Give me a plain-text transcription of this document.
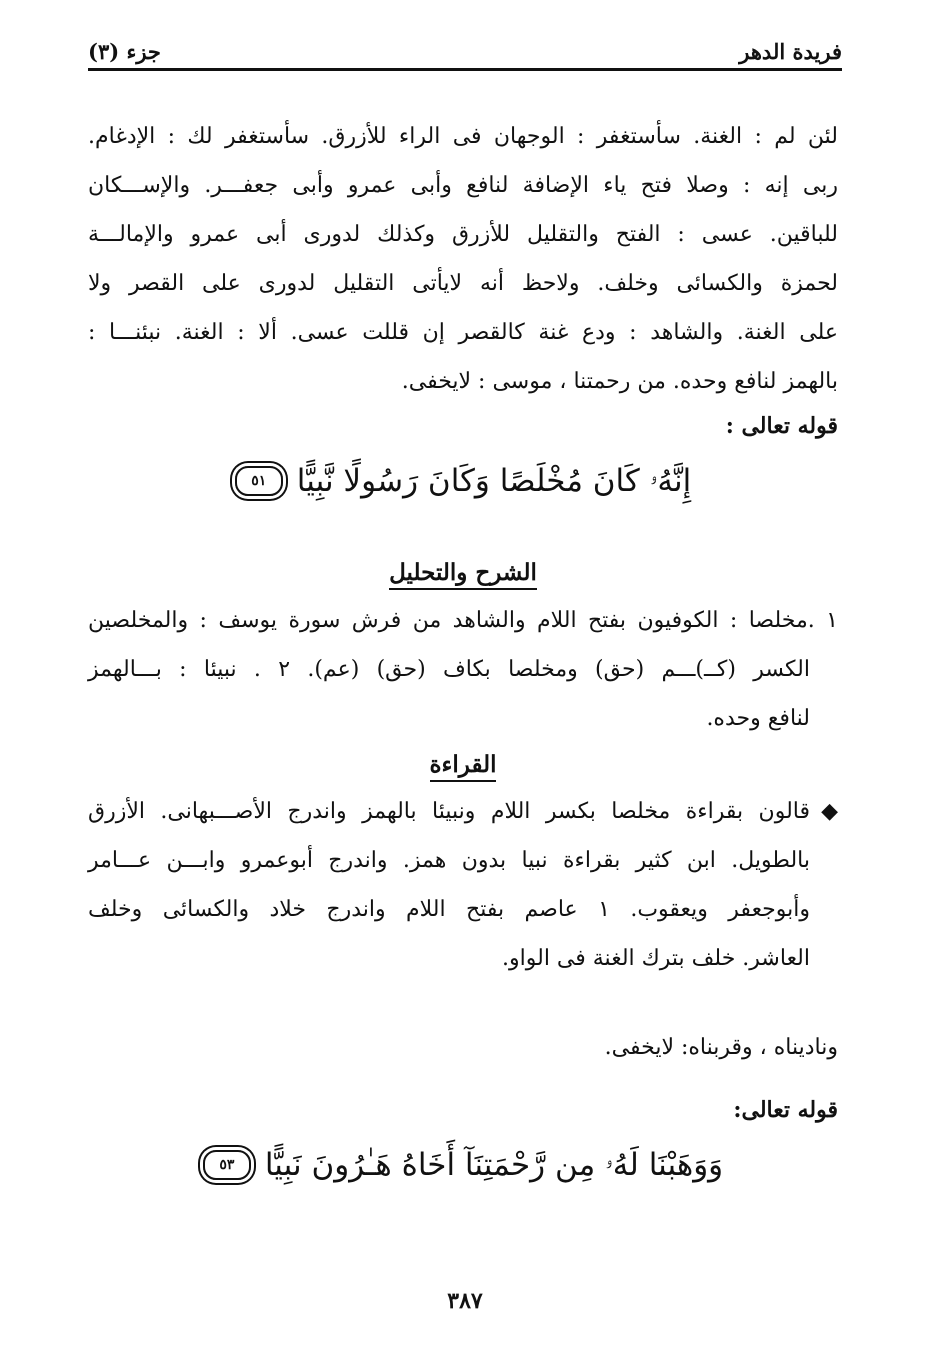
فريدة الدهر
جزء (٣)
لئن لم : الغنة. سأستغفر : الوجهان فى الراء للأزرق. سأستغفر لك : الإدغام.
ربى إنه : وصلا فتح ياء الإضافة لنافع وأبى عمرو وأبى جعفـــر. والإســـكان
للباقين. عسى : الفتح والتقليل للأزرق وكذلك لدورى أبى عمرو والإمالـــة
لحمزة والكسائى وخلف. ولاحظ أنه لايأتى التقليل لدورى على القصر ولا
على الغنة. والشاهد : ودع غنة كالقصر إن قللت عسى. ألا : الغنة. نبئنـــا :
بالهمز لنافع وحده. من رحمتنا ، موسى : لايخفى.
قوله تعالى :
إِنَّهُۥ كَانَ مُخْلَصًا وَكَانَ رَسُولًا نَّبِيًّا
٥١
الشرح والتحليل
١ .مخلصا : الكوفيون بفتح اللام والشاهد من فرش سورة يوسف : والمخلصين
الكسر (كــ)ـــم (حق) ومخلصا بكاف (حق) (عم). ٢ . نبيئا : بـــالهمز
لنافع وحده.
القراءة
◆
قالون بقراءة مخلصا بكسر اللام ونبيئا بالهمز واندرج الأصـــبهانى. الأزرق
بالطويل. ابن كثير بقراءة نبيا بدون همز. واندرج أبوعمرو وابـــن عـــامر
وأبوجعفر ويعقوب. ١ عاصم بفتح اللام واندرج خلاد والكسائى وخلف
العاشر. خلف بترك الغنة فى الواو.
وناديناه ، وقربناه: لايخفى.
قوله تعالى:
وَوَهَبْنَا لَهُۥ مِن رَّحْمَتِنَآ أَخَاهُ هَـٰرُونَ نَبِيًّا
٥٣
٣٨٧
